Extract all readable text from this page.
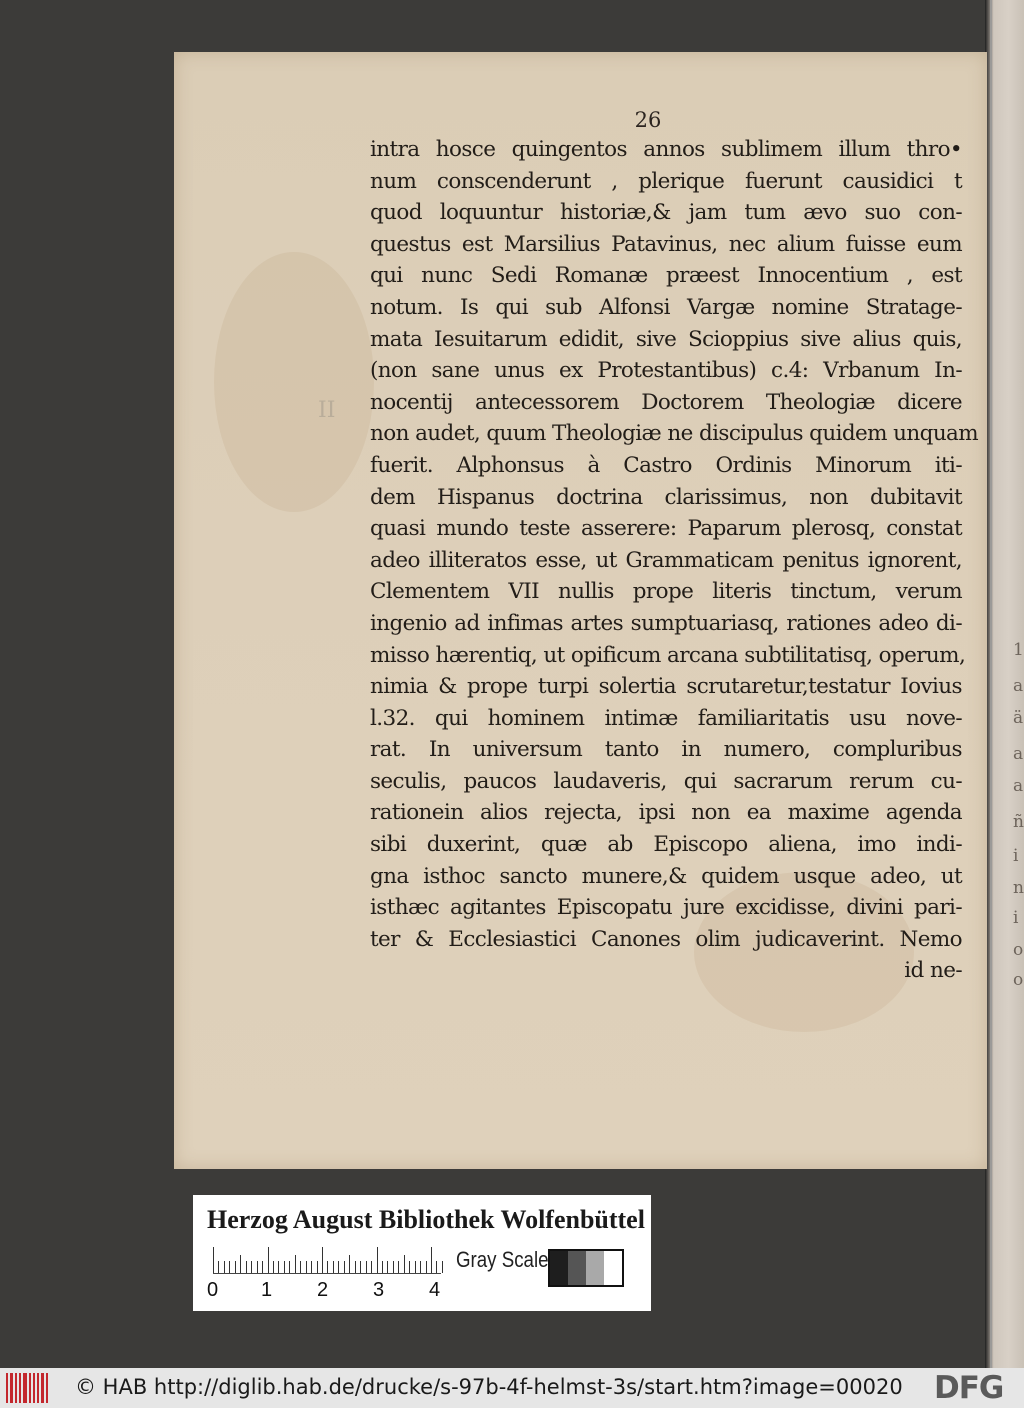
1
a
ä
a
a
ñ
i
n
i
o
o
26
II
intra hosce quingentos annos sublimem illum thro•
num conscenderunt , plerique fuerunt causidici t
quod loquuntur historiæ,& jam tum ævo suo con-
questus est Marsilius Patavinus, nec alium fuisse eum
qui nunc Sedi Romanæ præest Innocentium , est
notum. Is qui sub Alfonsi Vargæ nomine Stratage-
mata Iesuitarum edidit, sive Scioppius sive alius quis,
(non sane unus ex Protestantibus) c.4: Vrbanum In-
nocentij antecessorem Doctorem Theologiæ dicere
non audet, quum Theologiæ ne discipulus quidem unquam
fuerit. Alphonsus à Castro Ordinis Minorum iti-
dem Hispanus doctrina clarissimus, non dubitavit
quasi mundo teste asserere: Paparum plerosq, constat
adeo illiteratos esse, ut Grammaticam penitus ignorent,
Clementem VII nullis prope literis tinctum, verum
ingenio ad infimas artes sumptuariasq, rationes adeo di-
misso hærentiq, ut opificum arcana subtilitatisq, operum,
nimia & prope turpi solertia scrutaretur,testatur Iovius
l.32. qui hominem intimæ familiaritatis usu nove-
rat. In universum tanto in numero, compluribus
seculis, paucos laudaveris, qui sacrarum rerum cu-
rationein alios rejecta, ipsi non ea maxime agenda
sibi duxerint, quæ ab Episcopo aliena, imo indi-
gna isthoc sancto munere,& quidem usque adeo, ut
isthæc agitantes Episcopatu jure excidisse, divini pari-
ter & Ecclesiastici Canones olim judicaverint. Nemo
id ne-
Herzog August Bibliothek Wolfenbüttel
0 1 2 3 4
Gray Scale
© HAB http://diglib.hab.de/drucke/s-97b-4f-helmst-3s/start.htm?image=00020 DFG
